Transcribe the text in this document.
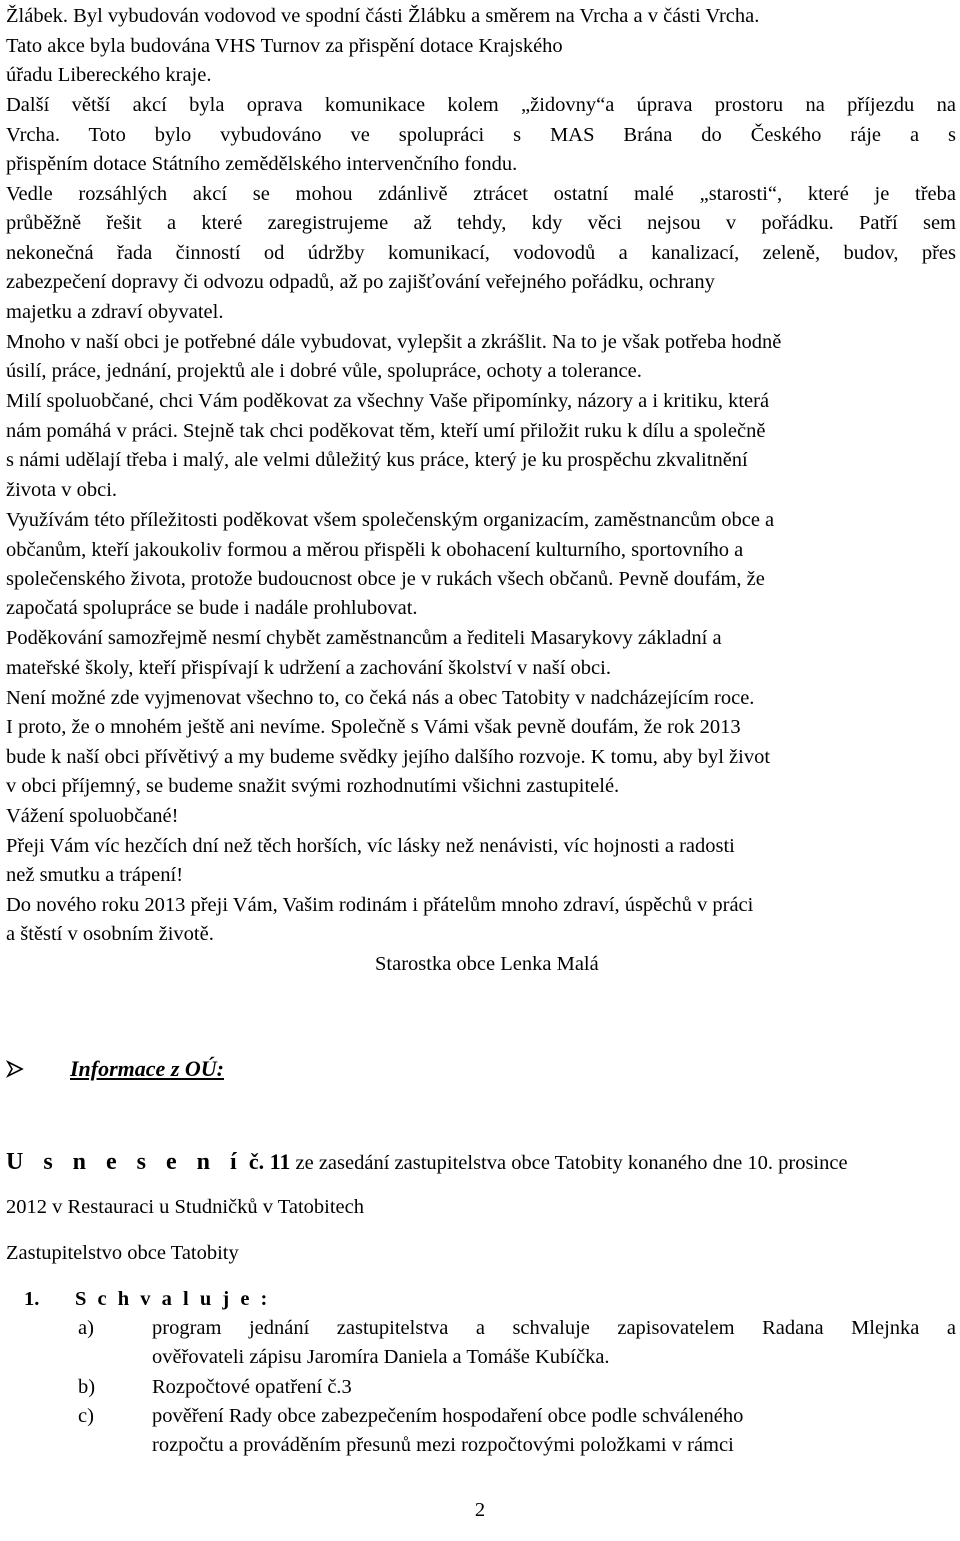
Žlábek. Byl vybudován vodovod ve spodní části Žlábku a směrem na Vrcha a v části Vrcha.
Tato akce byla budována VHS Turnov za přispění dotace Krajského
úřadu Libereckého kraje.
Další větší akcí byla oprava komunikace kolem „židovny“a úprava prostoru na příjezdu na
Vrcha. Toto bylo vybudováno ve spolupráci s MAS Brána do Českého ráje a s
přispěním dotace Státního zemědělského intervenčního fondu.
Vedle rozsáhlých akcí se mohou zdánlivě ztrácet ostatní malé „starosti“, které je třeba
průběžně řešit a které zaregistrujeme až tehdy, kdy věci nejsou v pořádku. Patří sem
nekonečná řada činností od údržby komunikací, vodovodů a kanalizací, zeleně, budov, přes
zabezpečení dopravy či odvozu odpadů, až po zajišťování veřejného pořádku, ochrany
majetku a zdraví obyvatel.
Mnoho v naší obci je potřebné dále vybudovat, vylepšit a zkrášlit. Na to je však potřeba hodně
úsilí, práce, jednání, projektů ale i dobré vůle, spolupráce, ochoty a tolerance.
Milí spoluobčané, chci Vám poděkovat za všechny Vaše připomínky, názory a i kritiku, která
nám pomáhá v práci. Stejně tak chci poděkovat těm, kteří umí přiložit ruku k dílu a společně
s námi udělají třeba i malý, ale velmi důležitý kus práce, který je ku prospěchu zkvalitnění
života v obci.
Využívám této příležitosti poděkovat všem společenským organizacím, zaměstnancům obce a
občanům, kteří jakoukoliv formou a měrou přispěli k obohacení kulturního, sportovního a
společenského života, protože budoucnost obce je v rukách všech občanů. Pevně doufám, že
započatá spolupráce se bude i nadále prohlubovat.
Poděkování samozřejmě nesmí chybět zaměstnancům a řediteli Masarykovy základní a
mateřské školy, kteří přispívají k udržení a zachování školství v naší obci.
Není možné zde vyjmenovat všechno to, co čeká nás a obec Tatobity v nadcházejícím roce.
I proto, že o mnohém ještě ani nevíme. Společně s Vámi však pevně doufám, že rok 2013
bude k naší obci přívětivý a my budeme svědky jejího dalšího rozvoje. K tomu, aby byl život
v obci příjemný, se budeme snažit svými rozhodnutími všichni zastupitelé.
Vážení spoluobčané!
Přeji Vám víc hezčích dní než těch horších, víc lásky než nenávisti, víc hojnosti a radosti
než smutku a trápení!
Do nového roku 2013 přeji Vám, Vašim rodinám i přátelům mnoho zdraví, úspěchů v práci
a štěstí v osobním životě.
Starostka obce Lenka Malá
Informace z OÚ:
U s n e s e n í č. 11 ze zasedání zastupitelstva obce Tatobity konaného dne 10. prosince
2012 v Restauraci u Studničků v Tatobitech
Zastupitelstvo obce Tatobity
1. S c h v a l u j e :
a)	program jednání zastupitelstva a schvaluje zapisovatelem Radana Mlejnka a
ověřovateli zápisu Jaromíra Daniela a Tomáše Kubíčka.
b)	Rozpočtové opatření č.3
c)	pověření Rady obce zabezpečením hospodaření obce podle schváleného
rozpočtu a prováděním přesunů mezi rozpočtovými položkami v rámci
2
